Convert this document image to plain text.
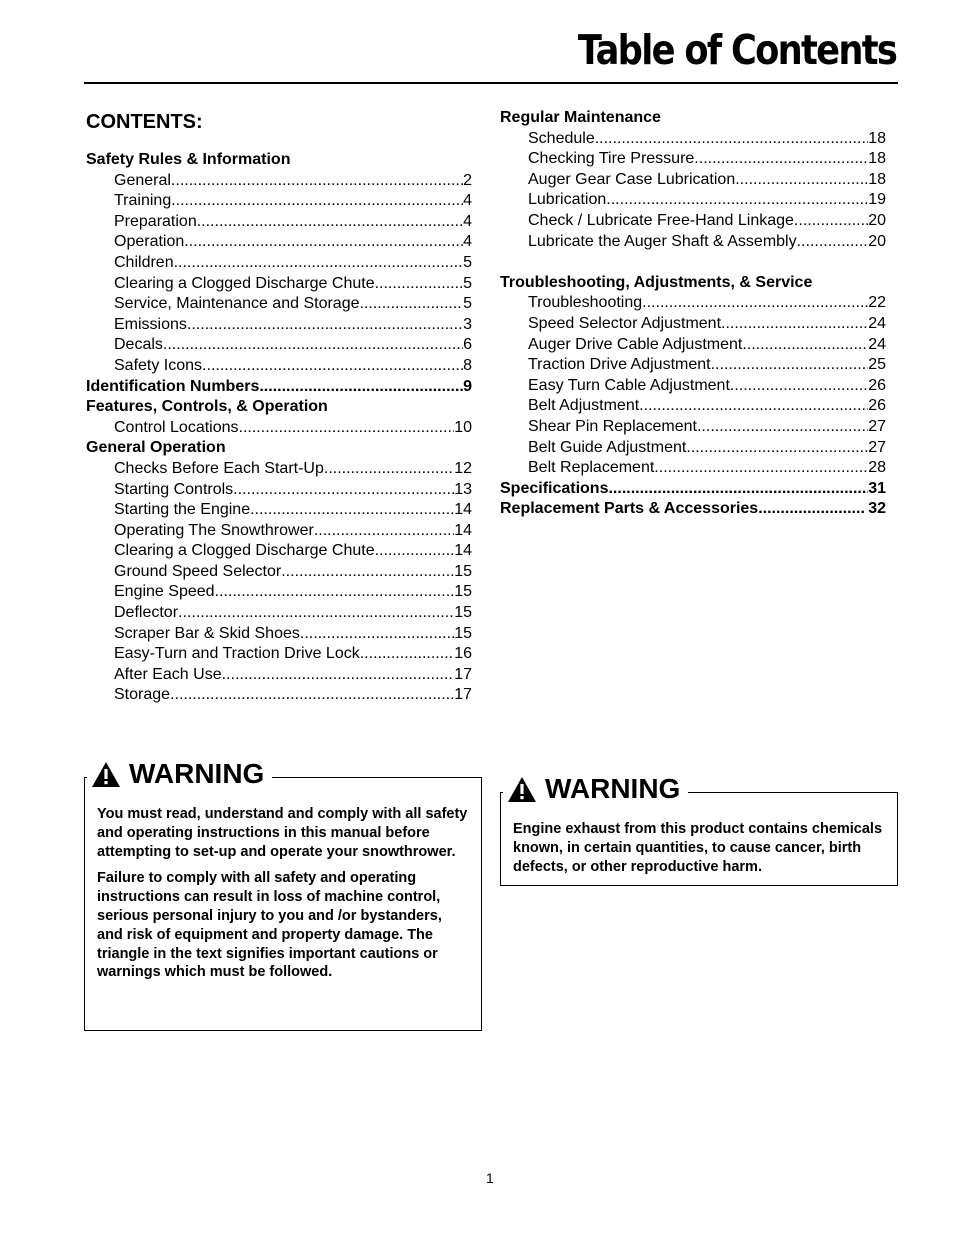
Table of Contents
CONTENTS:
Safety Rules & Information
General .....	2
Training .....	4
Preparation .....	4
Operation .....	4
Children .....	5
Clearing a Clogged Discharge Chute .....	5
Service, Maintenance and Storage .....	5
Emissions .....	3
Decals .....	6
Safety Icons .....	8
Identification Numbers .....	9
Features, Controls, & Operation
Control Locations .....	10
General Operation
Checks Before Each Start-Up .....	12
Starting Controls .....	13
Starting the Engine .....	14
Operating The Snowthrower .....	14
Clearing a Clogged Discharge Chute .....	14
Ground Speed Selector .....	15
Engine Speed .....	15
Deflector .....	15
Scraper Bar & Skid Shoes .....	15
Easy-Turn and Traction Drive Lock .....	16
After Each Use .....	17
Storage .....	17
Regular Maintenance
Schedule .....	18
Checking Tire Pressure .....	18
Auger Gear Case Lubrication .....	18
Lubrication .....	19
Check / Lubricate Free-Hand Linkage .....	20
Lubricate the Auger Shaft & Assembly .....	20
Troubleshooting, Adjustments, & Service
Troubleshooting .....	22
Speed Selector Adjustment .....	24
Auger Drive Cable Adjustment .....	24
Traction Drive Adjustment .....	25
Easy Turn Cable Adjustment .....	26
Belt Adjustment .....	26
Shear Pin Replacement .....	27
Belt Guide Adjustment .....	27
Belt Replacement .....	28
Specifications .....	31
Replacement Parts & Accessories .....	32
WARNING

You must read, understand and comply with all safety and operating instructions in this manual before attempting to set-up and operate your snowthrower.

Failure to comply with all safety and operating instructions can result in loss of machine control, serious personal injury to you and /or bystanders, and risk of equipment and property damage. The triangle in the text signifies important cautions or warnings which must be followed.

WARNING

Engine exhaust from this product contains chemicals known, in certain quantities, to cause cancer, birth defects, or other reproductive harm.

1
